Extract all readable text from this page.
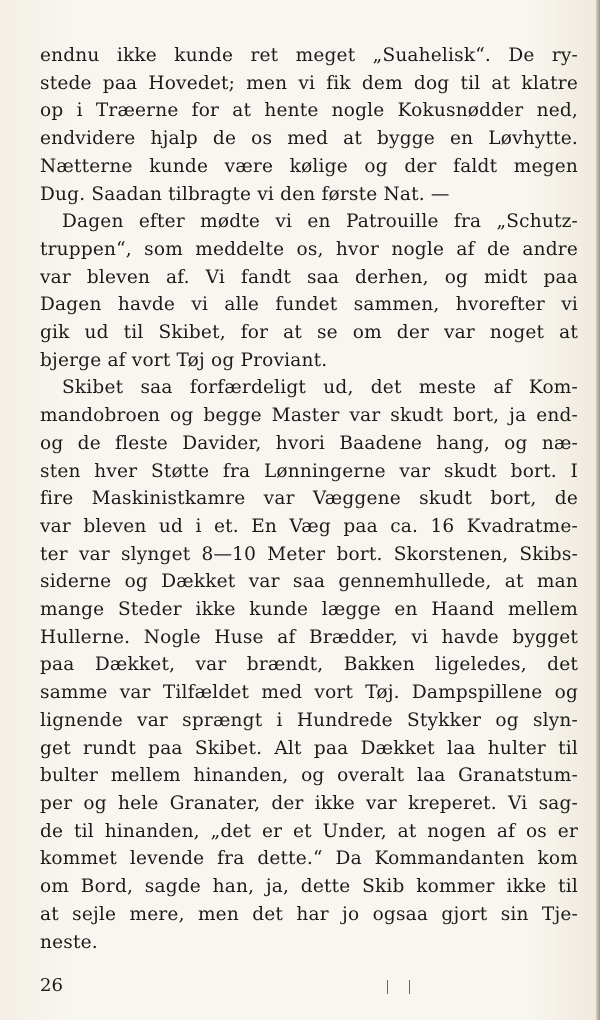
endnu ikke kunde ret meget „Suahelisk“. De ry-
stede paa Hovedet; men vi fik dem dog til at klatre
op i Træerne for at hente nogle Kokusnødder ned,
endvidere hjalp de os med at bygge en Løvhytte.
Nætterne kunde være kølige og der faldt megen
Dug. Saadan tilbragte vi den første Nat. —
Dagen efter mødte vi en Patrouille fra „Schutz-
truppen“, som meddelte os, hvor nogle af de andre
var bleven af. Vi fandt saa derhen, og midt paa
Dagen havde vi alle fundet sammen, hvorefter vi
gik ud til Skibet, for at se om der var noget at
bjerge af vort Tøj og Proviant.
Skibet saa forfærdeligt ud, det meste af Kom-
mandobroen og begge Master var skudt bort, ja end-
og de fleste Davider, hvori Baadene hang, og næ-
sten hver Støtte fra Lønningerne var skudt bort. I
fire Maskinistkamre var Væggene skudt bort, de
var bleven ud i et. En Væg paa ca. 16 Kvadratme-
ter var slynget 8—10 Meter bort. Skorstenen, Skibs-
siderne og Dækket var saa gennemhullede, at man
mange Steder ikke kunde lægge en Haand mellem
Hullerne. Nogle Huse af Brædder, vi havde bygget
paa Dækket, var brændt, Bakken ligeledes, det
samme var Tilfældet med vort Tøj. Dampspillene og
lignende var sprængt i Hundrede Stykker og slyn-
get rundt paa Skibet. Alt paa Dækket laa hulter til
bulter mellem hinanden, og overalt laa Granatstum-
per og hele Granater, der ikke var kreperet. Vi sag-
de til hinanden, „det er et Under, at nogen af os er
kommet levende fra dette.“ Da Kommandanten kom
om Bord, sagde han, ja, dette Skib kommer ikke til
at sejle mere, men det har jo ogsaa gjort sin Tje-
neste.
26
